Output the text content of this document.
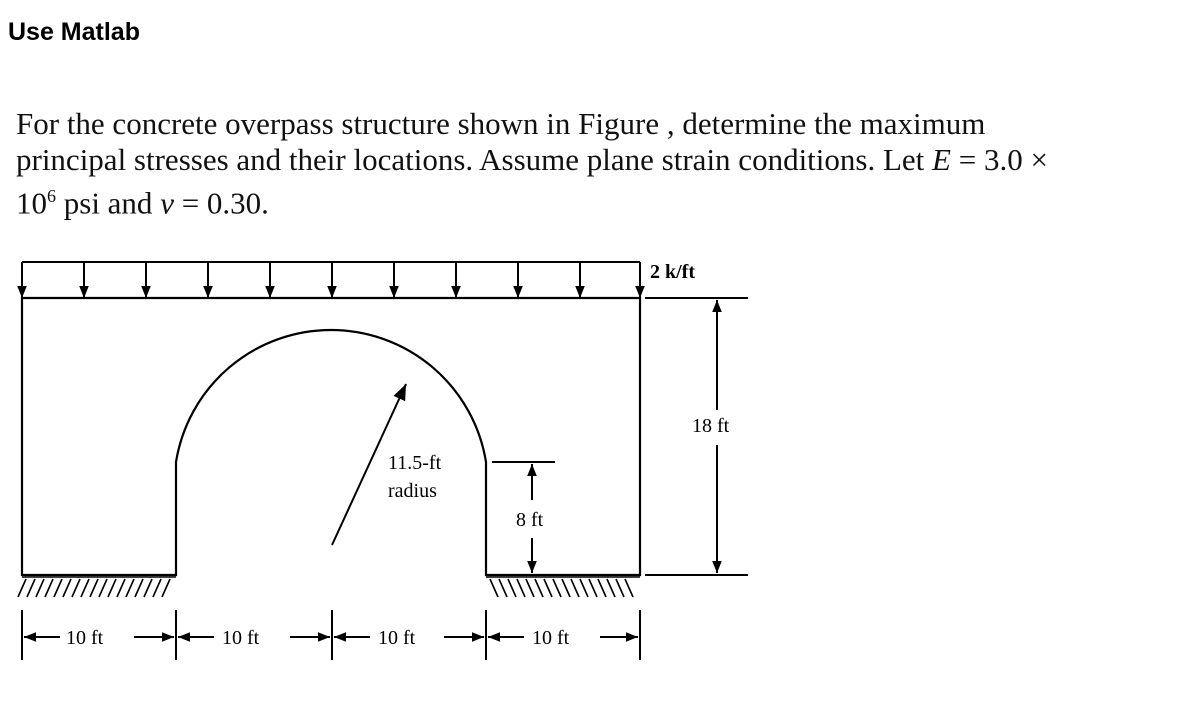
Use Matlab
For the concrete overpass structure shown in Figure , determine the maximum
principal stresses and their locations. Assume plane strain conditions. Let E = 3.0 ×
$10^6$ psi and ν = 0.30.
2 k/ft
11.5-ft
radius
8 ft
18 ft
10 ft	10 ft	10 ft	10 ft
